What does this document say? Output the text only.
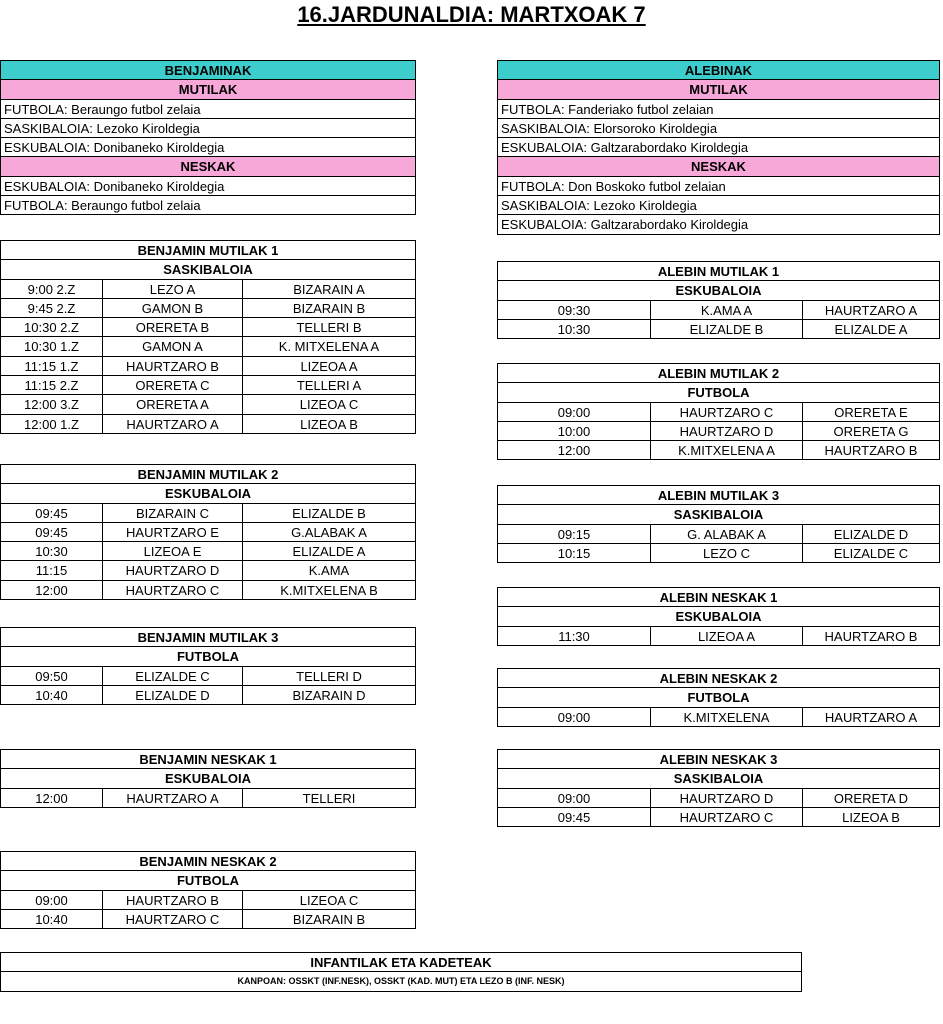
16.JARDUNALDIA: MARTXOAK 7
BENJAMINAK
MUTILAK
FUTBOLA: Beraungo futbol zelaia
SASKIBALOIA: Lezoko Kiroldegia
ESKUBALOIA: Donibaneko Kiroldegia
NESKAK
ESKUBALOIA: Donibaneko Kiroldegia
FUTBOLA: Beraungo futbol zelaia
ALEBINAK
MUTILAK
FUTBOLA: Fanderiako futbol zelaian
SASKIBALOIA: Elorsoroko Kiroldegia
ESKUBALOIA: Galtzarabordako Kiroldegia
NESKAK
FUTBOLA: Don Boskoko futbol zelaian
SASKIBALOIA: Lezoko Kiroldegia
ESKUBALOIA: Galtzarabordako Kiroldegia
BENJAMIN MUTILAK 1
SASKIBALOIA
9:00 2.Z	LEZO A	BIZARAIN A
9:45 2.Z	GAMON B	BIZARAIN B
10:30 2.Z	ORERETA B	TELLERI B
10:30 1.Z	GAMON A	K. MITXELENA A
11:15 1.Z	HAURTZARO B	LIZEOA A
11:15 2.Z	ORERETA C	TELLERI A
12:00 3.Z	ORERETA A	LIZEOA C
12:00 1.Z	HAURTZARO A	LIZEOA B
BENJAMIN MUTILAK 2
ESKUBALOIA
09:45	BIZARAIN C	ELIZALDE B
09:45	HAURTZARO E	G.ALABAK A
10:30	LIZEOA E	ELIZALDE A
11:15	HAURTZARO D	K.AMA
12:00	HAURTZARO C	K.MITXELENA B
BENJAMIN MUTILAK 3
FUTBOLA
09:50	ELIZALDE C	TELLERI D
10:40	ELIZALDE D	BIZARAIN D
BENJAMIN NESKAK 1
ESKUBALOIA
12:00	HAURTZARO A	TELLERI
BENJAMIN NESKAK 2
FUTBOLA
09:00	HAURTZARO B	LIZEOA C
10:40	HAURTZARO C	BIZARAIN B
ALEBIN MUTILAK 1
ESKUBALOIA
09:30	K.AMA A	HAURTZARO A
10:30	ELIZALDE B	ELIZALDE A
ALEBIN MUTILAK 2
FUTBOLA
09:00	HAURTZARO C	ORERETA E
10:00	HAURTZARO D	ORERETA G
12:00	K.MITXELENA A	HAURTZARO B
ALEBIN MUTILAK 3
SASKIBALOIA
09:15	G. ALABAK A	ELIZALDE D
10:15	LEZO C	ELIZALDE C
ALEBIN NESKAK 1
ESKUBALOIA
11:30	LIZEOA A	HAURTZARO B
ALEBIN NESKAK 2
FUTBOLA
09:00	K.MITXELENA	HAURTZARO A
ALEBIN NESKAK 3
SASKIBALOIA
09:00	HAURTZARO D	ORERETA D
09:45	HAURTZARO C	LIZEOA B
INFANTILAK ETA KADETEAK
KANPOAN: OSSKT (INF.NESK), OSSKT (KAD. MUT) ETA LEZO B (INF. NESK)
